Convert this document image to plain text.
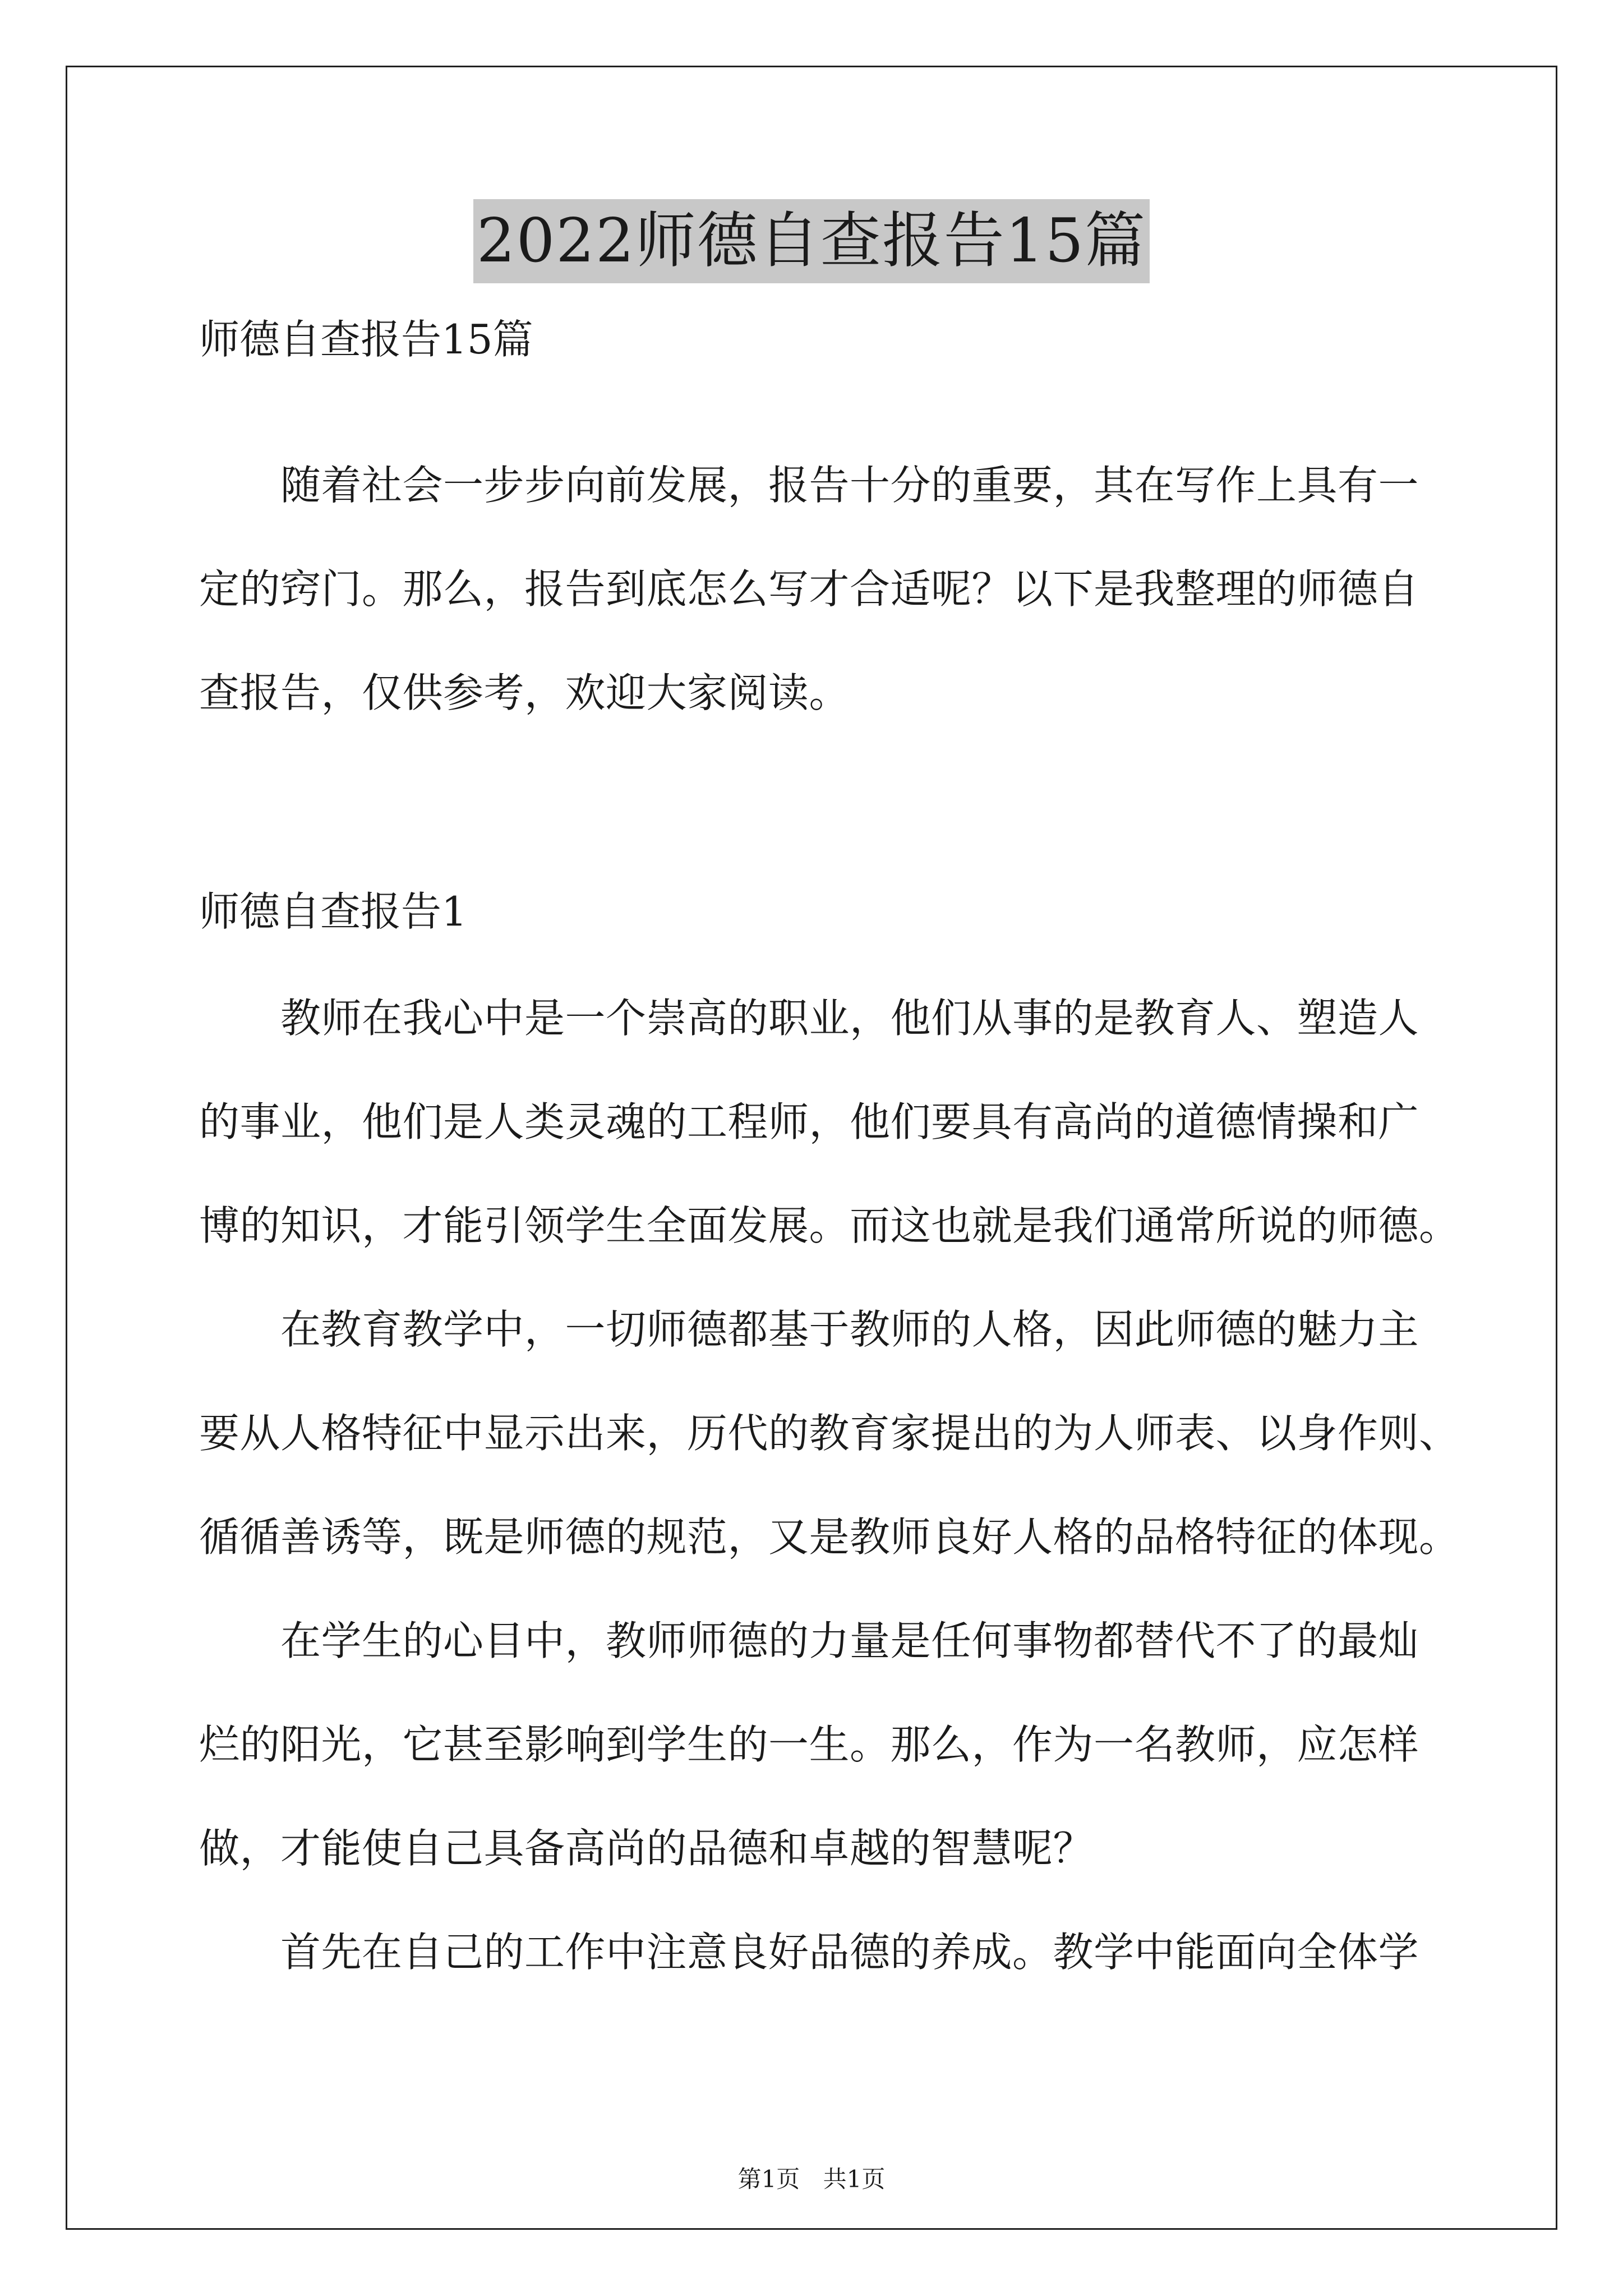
2022师德自查报告15篇
师德自查报告15篇
随着社会一步步向前发展，报告十分的重要，其在写作上具有一
定的窍门。那么，报告到底怎么写才合适呢？以下是我整理的师德自
查报告，仅供参考，欢迎大家阅读。
师德自查报告1
教师在我心中是一个崇高的职业，他们从事的是教育人、塑造人
的事业，他们是人类灵魂的工程师，他们要具有高尚的道德情操和广
博的知识，才能引领学生全面发展。而这也就是我们通常所说的师德。
在教育教学中，一切师德都基于教师的人格，因此师德的魅力主
要从人格特征中显示出来，历代的教育家提出的为人师表、以身作则、
循循善诱等，既是师德的规范，又是教师良好人格的品格特征的体现。
在学生的心目中，教师师德的力量是任何事物都替代不了的最灿
烂的阳光，它甚至影响到学生的一生。那么，作为一名教师，应怎样
做，才能使自己具备高尚的品德和卓越的智慧呢？
首先在自己的工作中注意良好品德的养成。教学中能面向全体学
第1页 共1页
